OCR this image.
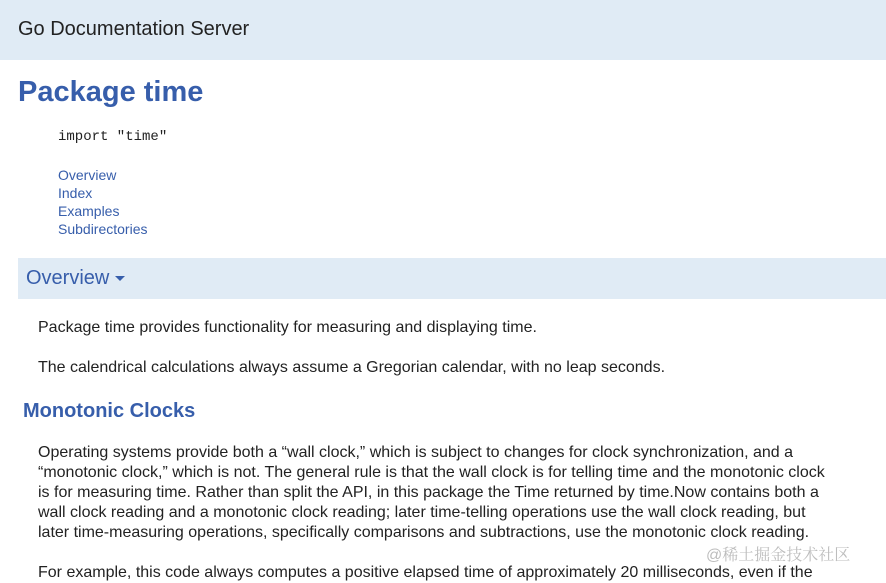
Go Documentation Server
Package time
import "time"
Overview
Index
Examples
Subdirectories
Overview

Package time provides functionality for measuring and displaying time.

The calendrical calculations always assume a Gregorian calendar, with no leap seconds.

Monotonic Clocks

Operating systems provide both a “wall clock,” which is subject to changes for clock synchronization, and a “monotonic clock,” which is not. The general rule is that the wall clock is for telling time and the monotonic clock is for measuring time. Rather than split the API, in this package the Time returned by time.Now contains both a wall clock reading and a monotonic clock reading; later time-telling operations use the wall clock reading, but later time-measuring operations, specifically comparisons and subtractions, use the monotonic clock reading.

For example, this code always computes a positive elapsed time of approximately 20 milliseconds, even if the

@稀土掘金技术社区
